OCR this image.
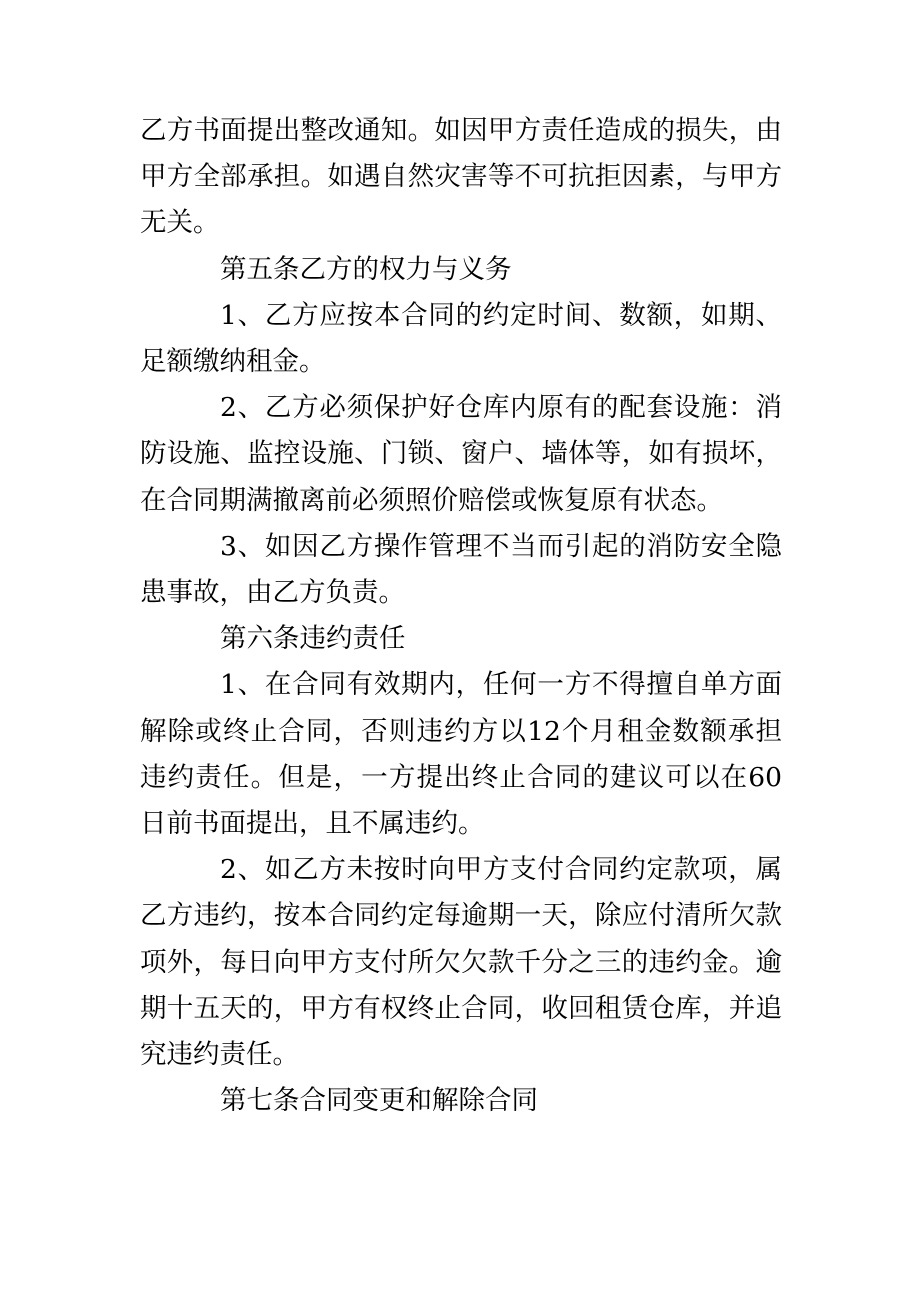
乙方书面提出整改通知。如因甲方责任造成的损失，由甲方全部承担。如遇自然灾害等不可抗拒因素，与甲方无关。

第五条乙方的权力与义务

1、乙方应按本合同的约定时间、数额，如期、足额缴纳租金。

2、乙方必须保护好仓库内原有的配套设施：消防设施、监控设施、门锁、窗户、墙体等，如有损坏，在合同期满撤离前必须照价赔偿或恢复原有状态。

3、如因乙方操作管理不当而引起的消防安全隐患事故，由乙方负责。

第六条违约责任

1、在合同有效期内，任何一方不得擅自单方面解除或终止合同，否则违约方以12个月租金数额承担违约责任。但是，一方提出终止合同的建议可以在60日前书面提出，且不属违约。

2、如乙方未按时向甲方支付合同约定款项，属乙方违约，按本合同约定每逾期一天，除应付清所欠款项外，每日向甲方支付所欠欠款千分之三的违约金。逾期十五天的，甲方有权终止合同，收回租赁仓库，并追究违约责任。

第七条合同变更和解除合同
